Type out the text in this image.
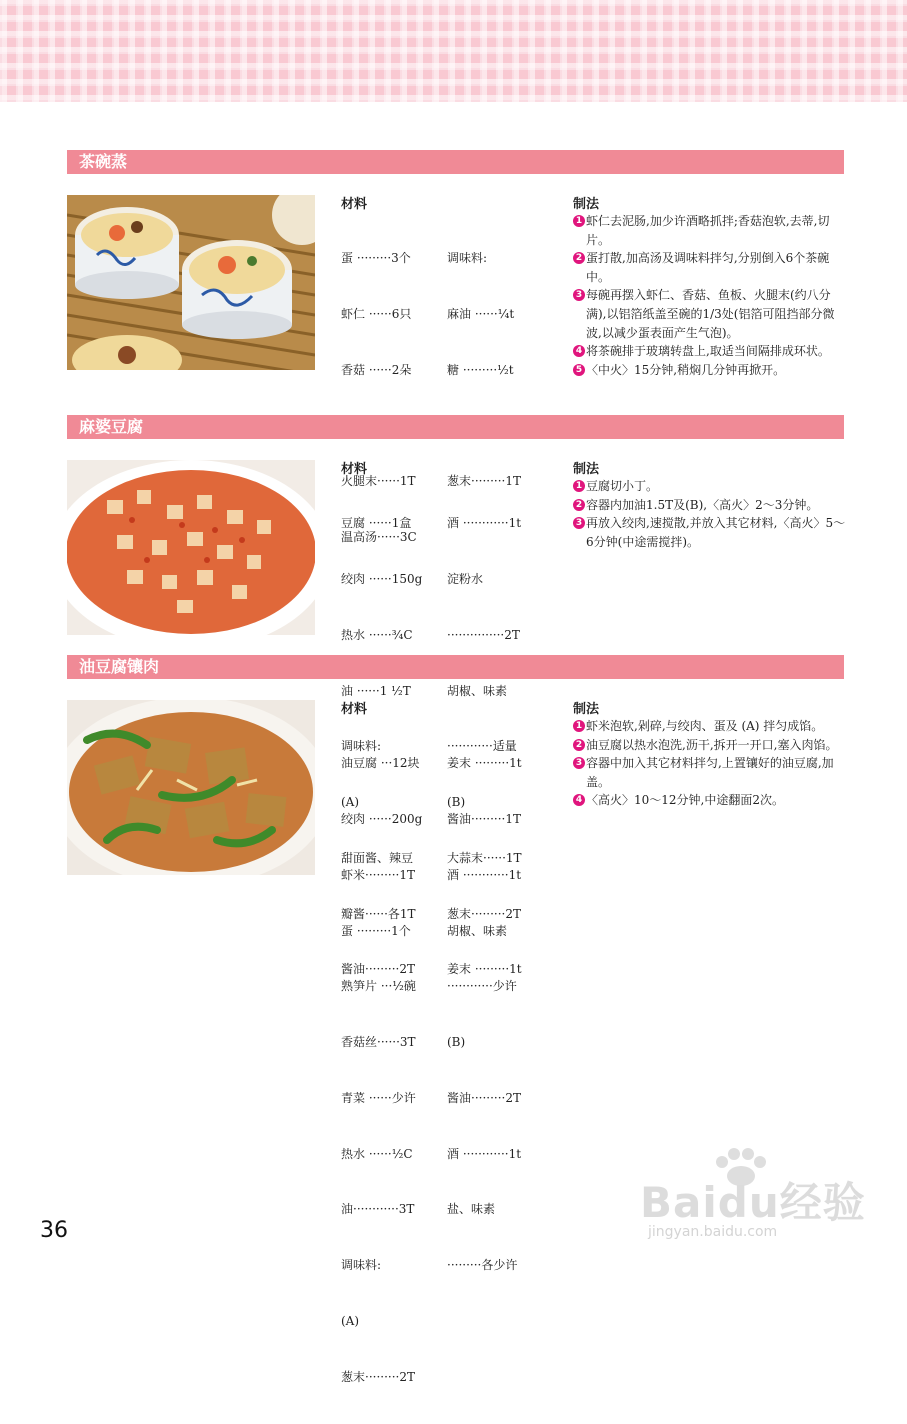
茶碗蒸
材料

蛋 ·········3个

虾仁 ······6只

香菇 ······2朵

火腿末······1T

温高汤······3C

调味料:

麻油 ······¼t

糖 ·········½t

葱末·········1T

制法
1 虾仁去泥肠,加少许酒略抓拌;香菇泡软,去蒂,切片。
2 蛋打散,加高汤及调味料拌匀,分别倒入6个茶碗中。
3 每碗再摆入虾仁、香菇、鱼板、火腿末(约八分满),以铝箔纸盖至碗的1/3处(铝箔可阻挡部分微波,以减少蛋表面产生气泡)。
4 将茶碗排于玻璃转盘上,取适当间隔排成环状。
5 〈中火〉15分钟,稍焖几分钟再掀开。
麻婆豆腐
材料

豆腐 ······1盒

绞肉 ······150g

热水 ······¾C

油 ······1 ½T

调味料:

(A)

甜面酱、辣豆

瓣酱······各1T

酱油·········2T

酒 ············1t

淀粉水

···············2T

胡椒、味素

············适量

(B)

大蒜末······1T

葱末·········2T

姜末 ·········1t

制法
1 豆腐切小丁。
2 容器内加油1.5T及(B),〈高火〉2～3分钟。
3 再放入绞肉,速搅散,并放入其它材料,〈高火〉5～6分钟(中途需搅拌)。
油豆腐镶肉
材料

油豆腐 ···12块

绞肉 ······200g

虾米·········1T

蛋 ·········1个

熟笋片 ···½碗

香菇丝······3T

青菜 ······少许

热水 ······½C

油············3T

调味料:

(A)

葱末·········2T

姜末 ·········1t

酱油·········1T

酒 ············1t

胡椒、味素

············少许

(B)

酱油·········2T

酒 ············1t

盐、味素

·········各少许

制法
1 虾米泡软,剁碎,与绞肉、蛋及 (A) 拌匀成馅。
2 油豆腐以热水泡洗,沥干,拆开一开口,塞入肉馅。
3 容器中加入其它材料拌匀,上置镶好的油豆腐,加盖。
4 〈高火〉10～12分钟,中途翻面2次。
Baidu经验
jingyan.baidu.com
36
